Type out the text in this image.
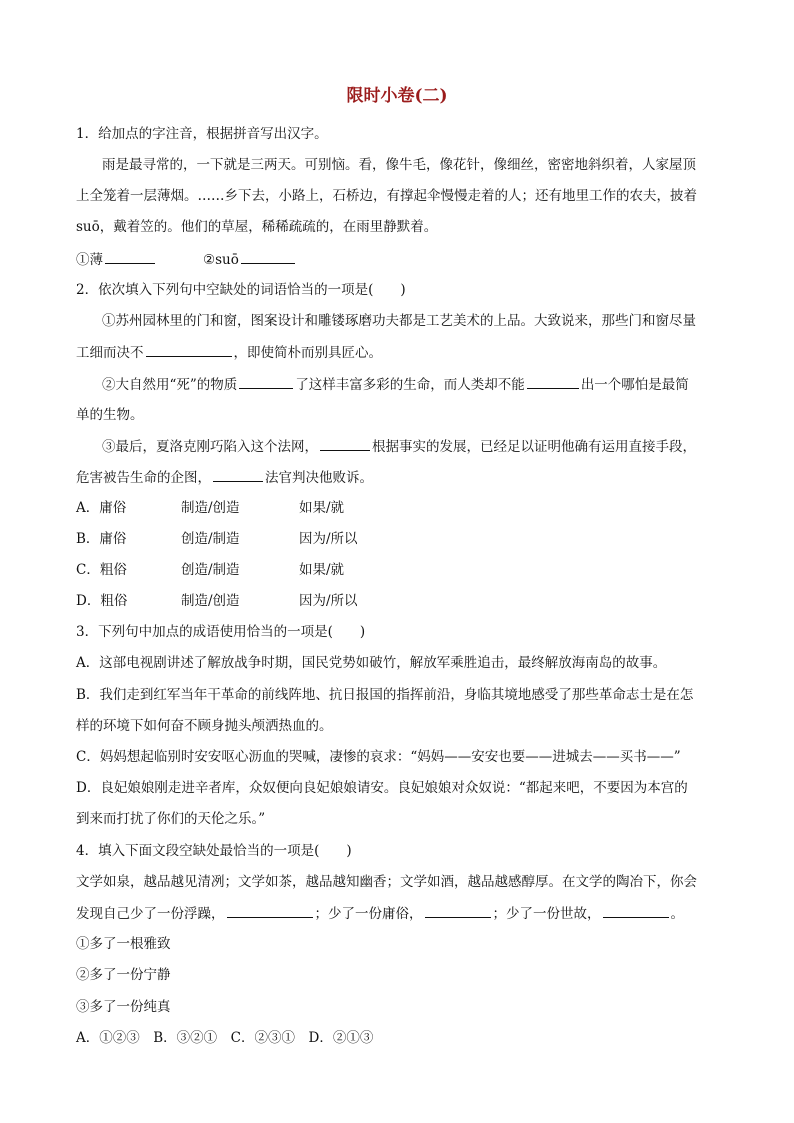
限时小卷(二)
1．给加点的字注音，根据拼音写出汉字。
雨是最寻常的，一下就是三两天。可别恼。看，像牛毛，像花针，像细丝，密密地斜织着，人家屋顶
上全笼着一层薄烟。……乡下去，小路上，石桥边，有撑起伞慢慢走着的人；还有地里工作的农夫，披着
suō，戴着笠的。他们的草屋，稀稀疏疏的，在雨里静默着。
①薄	②suō
2．依次填入下列句中空缺处的词语恰当的一项是(　　)
①苏州园林里的门和窗，图案设计和雕镂琢磨功夫都是工艺美术的上品。大致说来，那些门和窗尽量
工细而决不	，即使简朴而别具匠心。
②大自然用“死”的物质	了这样丰富多彩的生命，而人类却不能	出一个哪怕是最简
单的生物。
③最后，夏洛克刚巧陷入这个法网，	根据事实的发展，已经足以证明他确有运用直接手段，
危害被告生命的企图，	法官判决他败诉。
A．庸俗	制造/创造	如果/就
B．庸俗	创造/制造	因为/所以
C．粗俗	创造/制造	如果/就
D．粗俗	制造/创造	因为/所以
3．下列句中加点的成语使用恰当的一项是(　　)
A．这部电视剧讲述了解放战争时期，国民党势如破竹，解放军乘胜追击，最终解放海南岛的故事。
B．我们走到红军当年干革命的前线阵地、抗日报国的指挥前沿，身临其境地感受了那些革命志士是在怎
样的环境下如何奋不顾身抛头颅洒热血的。
C．妈妈想起临别时安安呕心沥血的哭喊，凄惨的哀求：“妈妈——安安也要——进城去——买书——”
D．良妃娘娘刚走进辛者库，众奴便向良妃娘娘请安。良妃娘娘对众奴说：“都起来吧，不要因为本宫的
到来而打扰了你们的天伦之乐。”
4．填入下面文段空缺处最恰当的一项是(　　)
文学如泉，越品越见清冽；文学如茶，越品越知幽香；文学如酒，越品越感醇厚。在文学的陶冶下，你会
发现自己少了一份浮躁，	；少了一份庸俗，	；少了一份世故，	。
①多了一根雅致
②多了一份宁静
③多了一份纯真
A．①②③　B．③②①　C．②③①　D．②①③
